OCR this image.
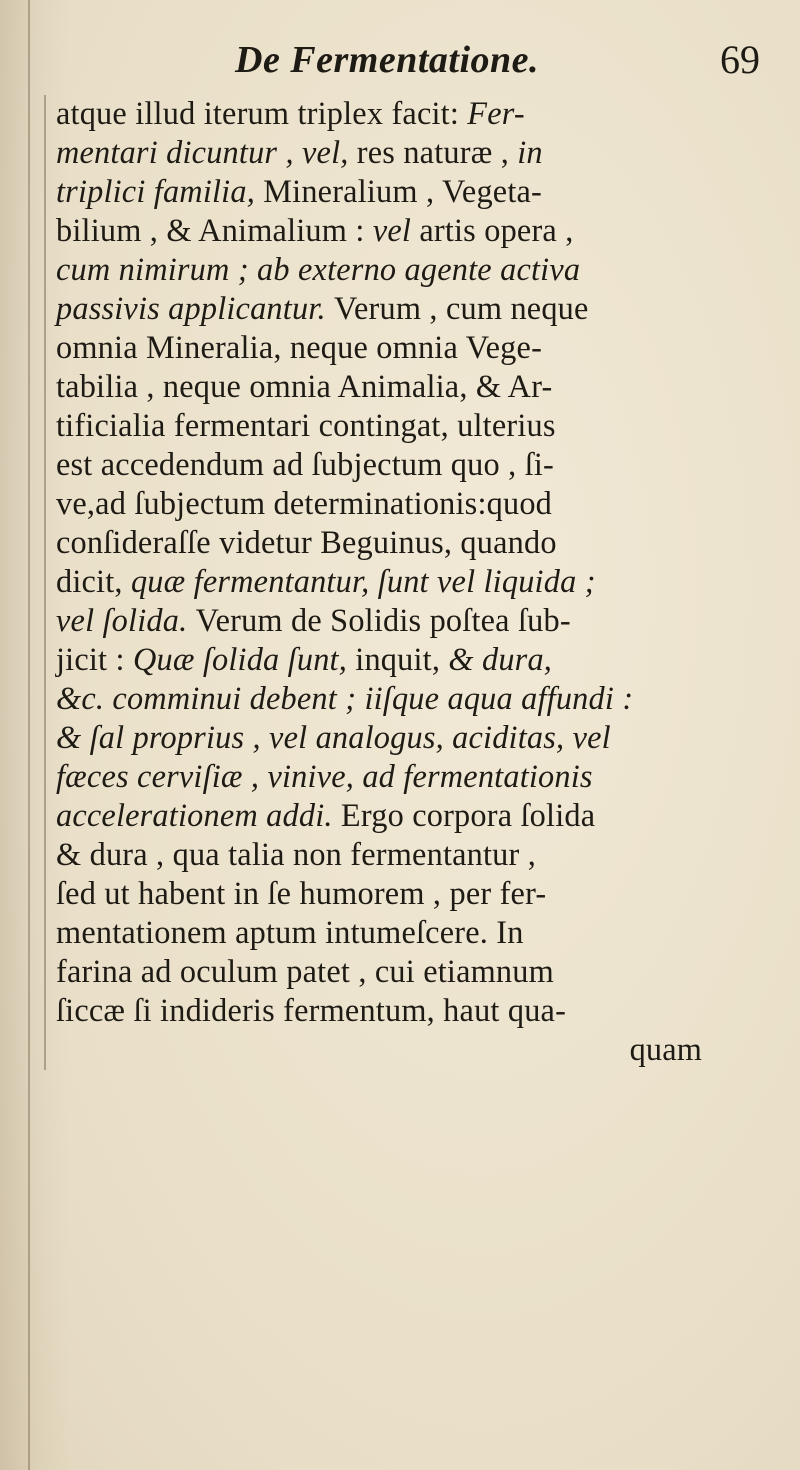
De Fermentatione.	69
atque illud iterum triplex facit: Fer-
mentari dicuntur , vel, res naturæ , in
triplici familia, Mineralium , Vegeta-
bilium , & Animalium : vel artis opera ,
cum nimirum ; ab externo agente activa
passivis applicantur. Verum , cum neque
omnia Mineralia, neque omnia Vege-
tabilia , neque omnia Animalia, & Ar-
tificialia fermentari contingat, ulterius
est accedendum ad ſubjectum quo , ſi-
ve,ad ſubjectum determinationis:quod
conſideraſſe videtur Beguinus, quando
dicit, quæ fermentantur, ſunt vel liquida ;
vel ſolida. Verum de Solidis poſtea ſub-
jicit : Quæ ſolida ſunt, inquit, & dura,
&c. comminui debent ; iiſque aqua affundi :
& ſal proprius , vel analogus, aciditas, vel
fæces cerviſiæ , vinive, ad fermentationis
accelerationem addi. Ergo corpora ſolida
& dura , qua talia non fermentantur ,
ſed ut habent in ſe humorem , per fer-
mentationem aptum intumeſcere. In
farina ad oculum patet , cui etiamnum
ſiccæ ſi indideris fermentum, haut qua-
quam
